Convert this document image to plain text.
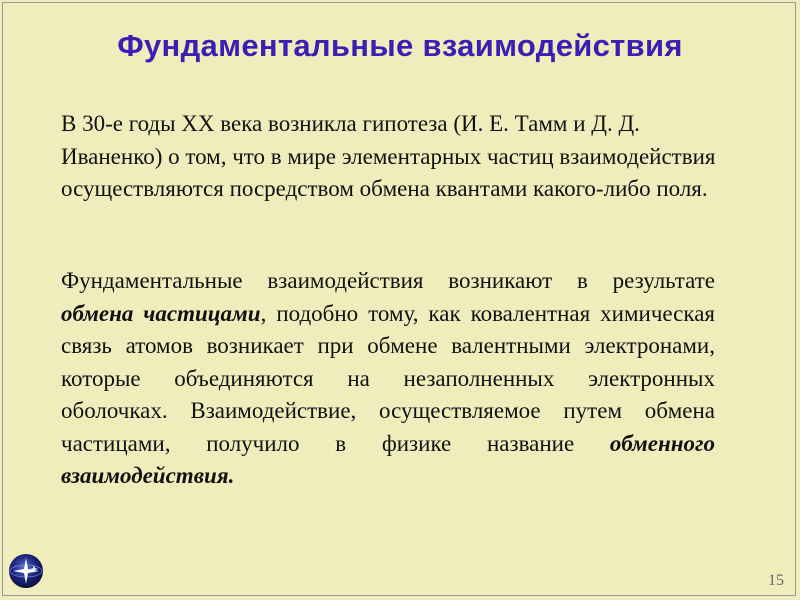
Фундаментальные взаимодействия
В 30-е годы XX века возникла гипотеза (И. Е. Тамм и Д. Д. Иваненко) о том, что в мире элементарных частиц взаимодействия осуществляются посредством обмена квантами какого-либо поля.
Фундаментальные взаимодействия возникают в результате обмена частицами, подобно тому, как ковалентная химическая связь атомов возникает при обмене валентными электронами, которые объединяются на незаполненных электронных оболочках. Взаимодействие, осуществляемое путем обмена частицами, получило в физике название обменного взаимодействия.
15
